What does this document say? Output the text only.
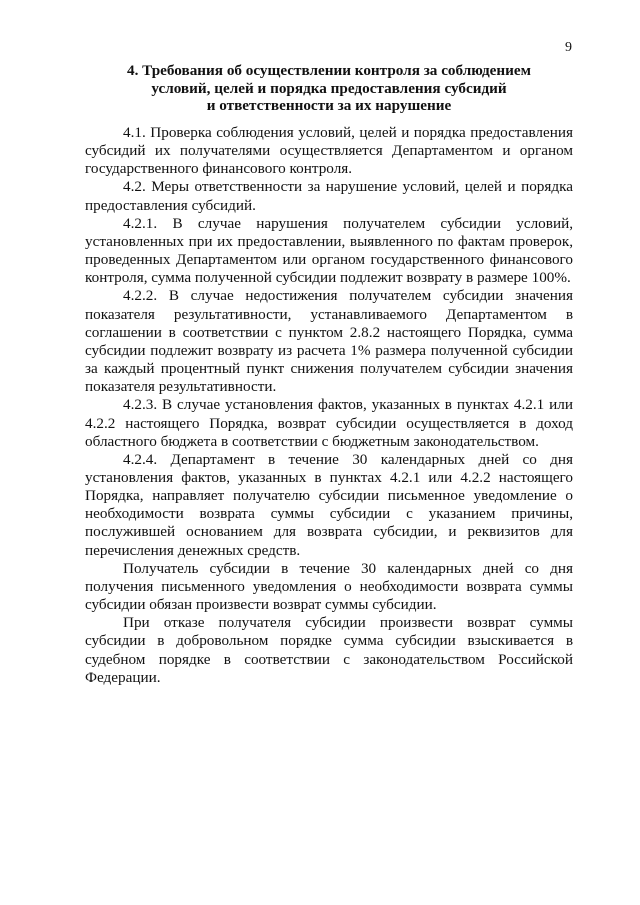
9
4. Требования об осуществлении контроля за соблюдением
условий, целей и порядка предоставления субсидий
и ответственности за их нарушение

4.1. Проверка соблюдения условий, целей и порядка предоставления субсидий их получателями осуществляется Департаментом и органом государственного финансового контроля.

4.2. Меры ответственности за нарушение условий, целей и порядка предоставления субсидий.

4.2.1. В случае нарушения получателем субсидии условий, установленных при их предоставлении, выявленного по фактам проверок, проведенных Департаментом или органом государственного финансового контроля, сумма полученной субсидии подлежит возврату в размере 100%.

4.2.2. В случае недостижения получателем субсидии значения показателя результативности, устанавливаемого Департаментом в соглашении в соответствии с пунктом 2.8.2 настоящего Порядка, сумма субсидии подлежит возврату из расчета 1% размера полученной субсидии за каждый процентный пункт снижения получателем субсидии значения показателя результативности.

4.2.3. В случае установления фактов, указанных в пунктах 4.2.1 или 4.2.2 настоящего Порядка, возврат субсидии осуществляется в доход областного бюджета в соответствии с бюджетным законодательством.

4.2.4. Департамент в течение 30 календарных дней со дня установления фактов, указанных в пунктах 4.2.1 или 4.2.2 настоящего Порядка, направляет получателю субсидии письменное уведомление о необходимости возврата суммы субсидии с указанием причины, послужившей основанием для возврата субсидии, и реквизитов для перечисления денежных средств.

Получатель субсидии в течение 30 календарных дней со дня получения письменного уведомления о необходимости возврата суммы субсидии обязан произвести возврат суммы субсидии.

При отказе получателя субсидии произвести возврат суммы субсидии в добровольном порядке сумма субсидии взыскивается в судебном порядке в соответствии с законодательством Российской Федерации.
